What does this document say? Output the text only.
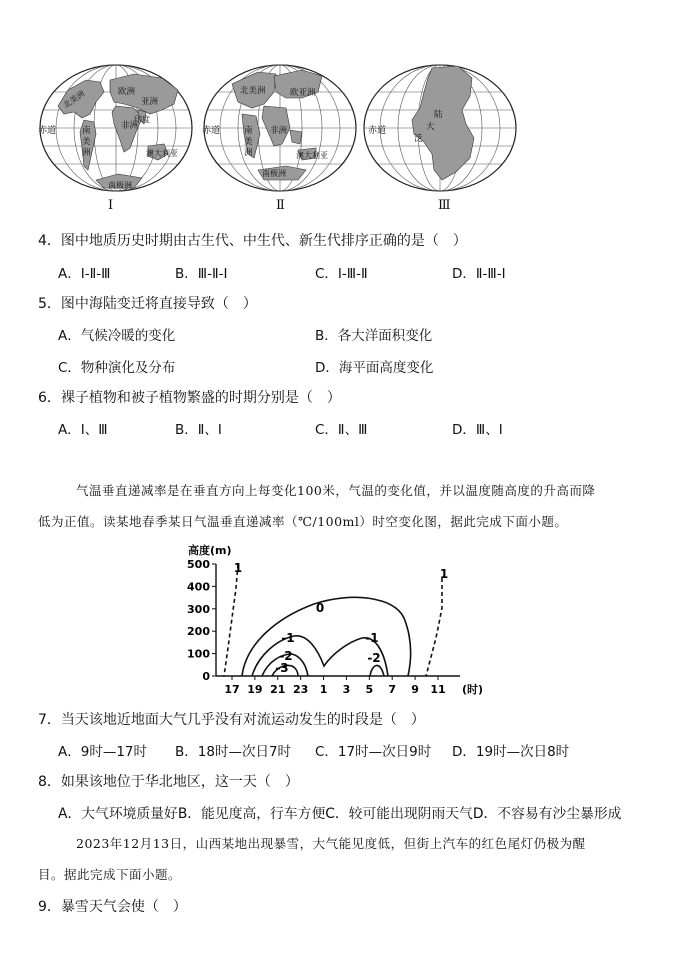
赤道
北美洲	欧洲
亚洲
非洲
印度
南美洲	澳大利亚
南极洲
Ⅰ
赤道
北美洲	欧亚洲
南美洲
非洲
澳大利亚
南极洲
Ⅱ
赤道
泛
大
陆
Ⅲ
4．图中地质历史时期由古生代、中生代、新生代排序正确的是（　）
A．Ⅰ-Ⅱ-Ⅲ	B．Ⅲ-Ⅱ-Ⅰ	C．Ⅰ-Ⅲ-Ⅱ	D．Ⅱ-Ⅲ-Ⅰ
5．图中海陆变迁将直接导致（　）
A．气候冷暖的变化	B．各大洋面积变化
C．物种演化及分布	D．海平面高度变化
6．裸子植物和被子植物繁盛的时期分别是（　）
A．Ⅰ、Ⅲ	B．Ⅱ、Ⅰ	C．Ⅱ、Ⅲ	D．Ⅲ、Ⅰ
气温垂直递减率是在垂直方向上每变化100米，气温的变化值，并以温度随高度的升高而降
低为正值。读某地春季某日气温垂直递减率（℃/100ml）时空变化图，据此完成下面小题。
0
100
200
300
400
500
17 19 21 23 1 3 5 7 9 11
高度(m)
(时)
1
0
-1
-2
-3
-1
-2
1
7．当天该地近地面大气几乎没有对流运动发生的时段是（　）
A．9时—17时 B．18时—次日7时 C．17时—次日9时 D．19时—次日8时
8．如果该地位于华北地区，这一天（　）
A．大气环境质量好B．能见度高，行车方便C．较可能出现阴雨天气D．不容易有沙尘暴形成
2023年12月13日，山西某地出现暴雪，大气能见度低，但街上汽车的红色尾灯仍极为醒
目。据此完成下面小题。
9．暴雪天气会使（　）
